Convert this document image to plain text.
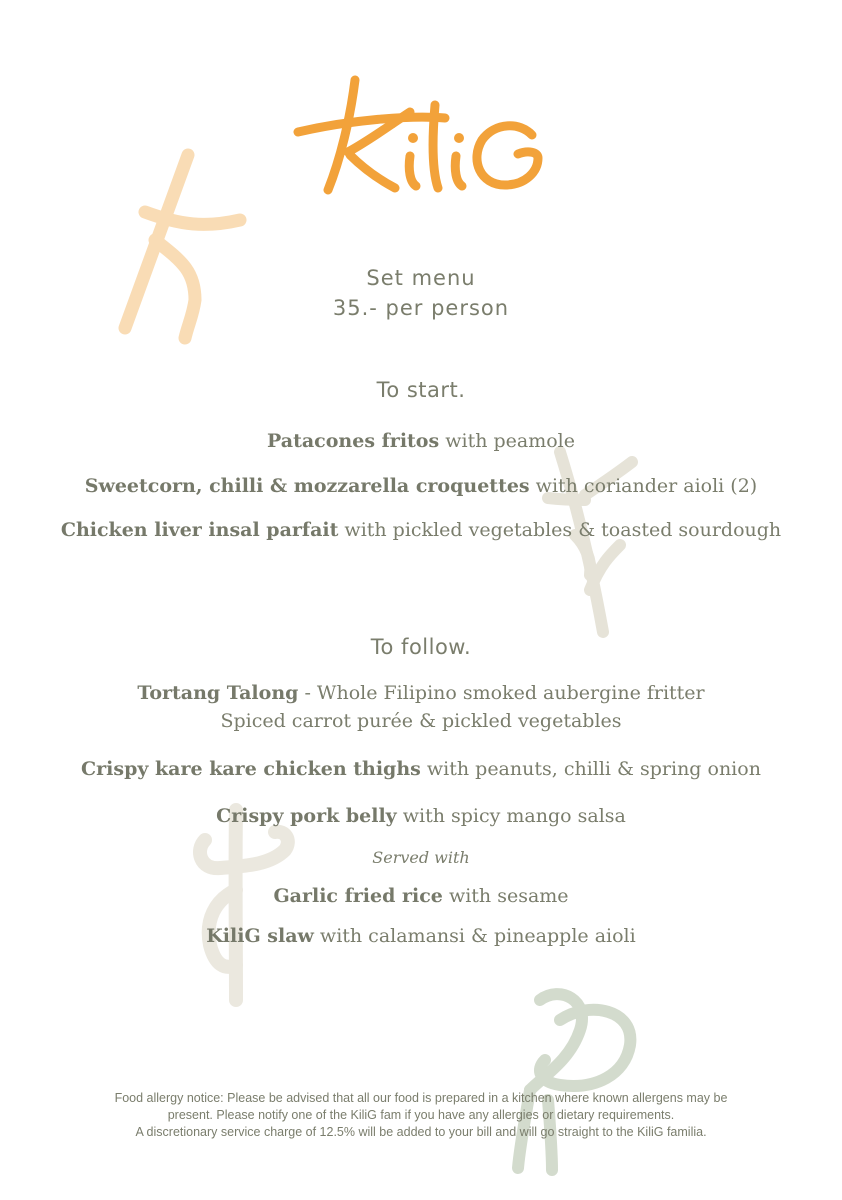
Set menu
35.- per person
To start.
Patacones fritos with peamole
Sweetcorn, chilli & mozzarella croquettes with coriander aioli (2)
Chicken liver insal parfait with pickled vegetables & toasted sourdough
To follow.
Tortang Talong - Whole Filipino smoked aubergine fritter
Spiced carrot purée & pickled vegetables
Crispy kare kare chicken thighs with peanuts, chilli & spring onion
Crispy pork belly with spicy mango salsa
Served with
Garlic fried rice with sesame
KiliG slaw with calamansi & pineapple aioli
Food allergy notice: Please be advised that all our food is prepared in a kitchen where known allergens may be
present. Please notify one of the KiliG fam if you have any allergies or dietary requirements.
A discretionary service charge of 12.5% will be added to your bill and will go straight to the KiliG familia.
